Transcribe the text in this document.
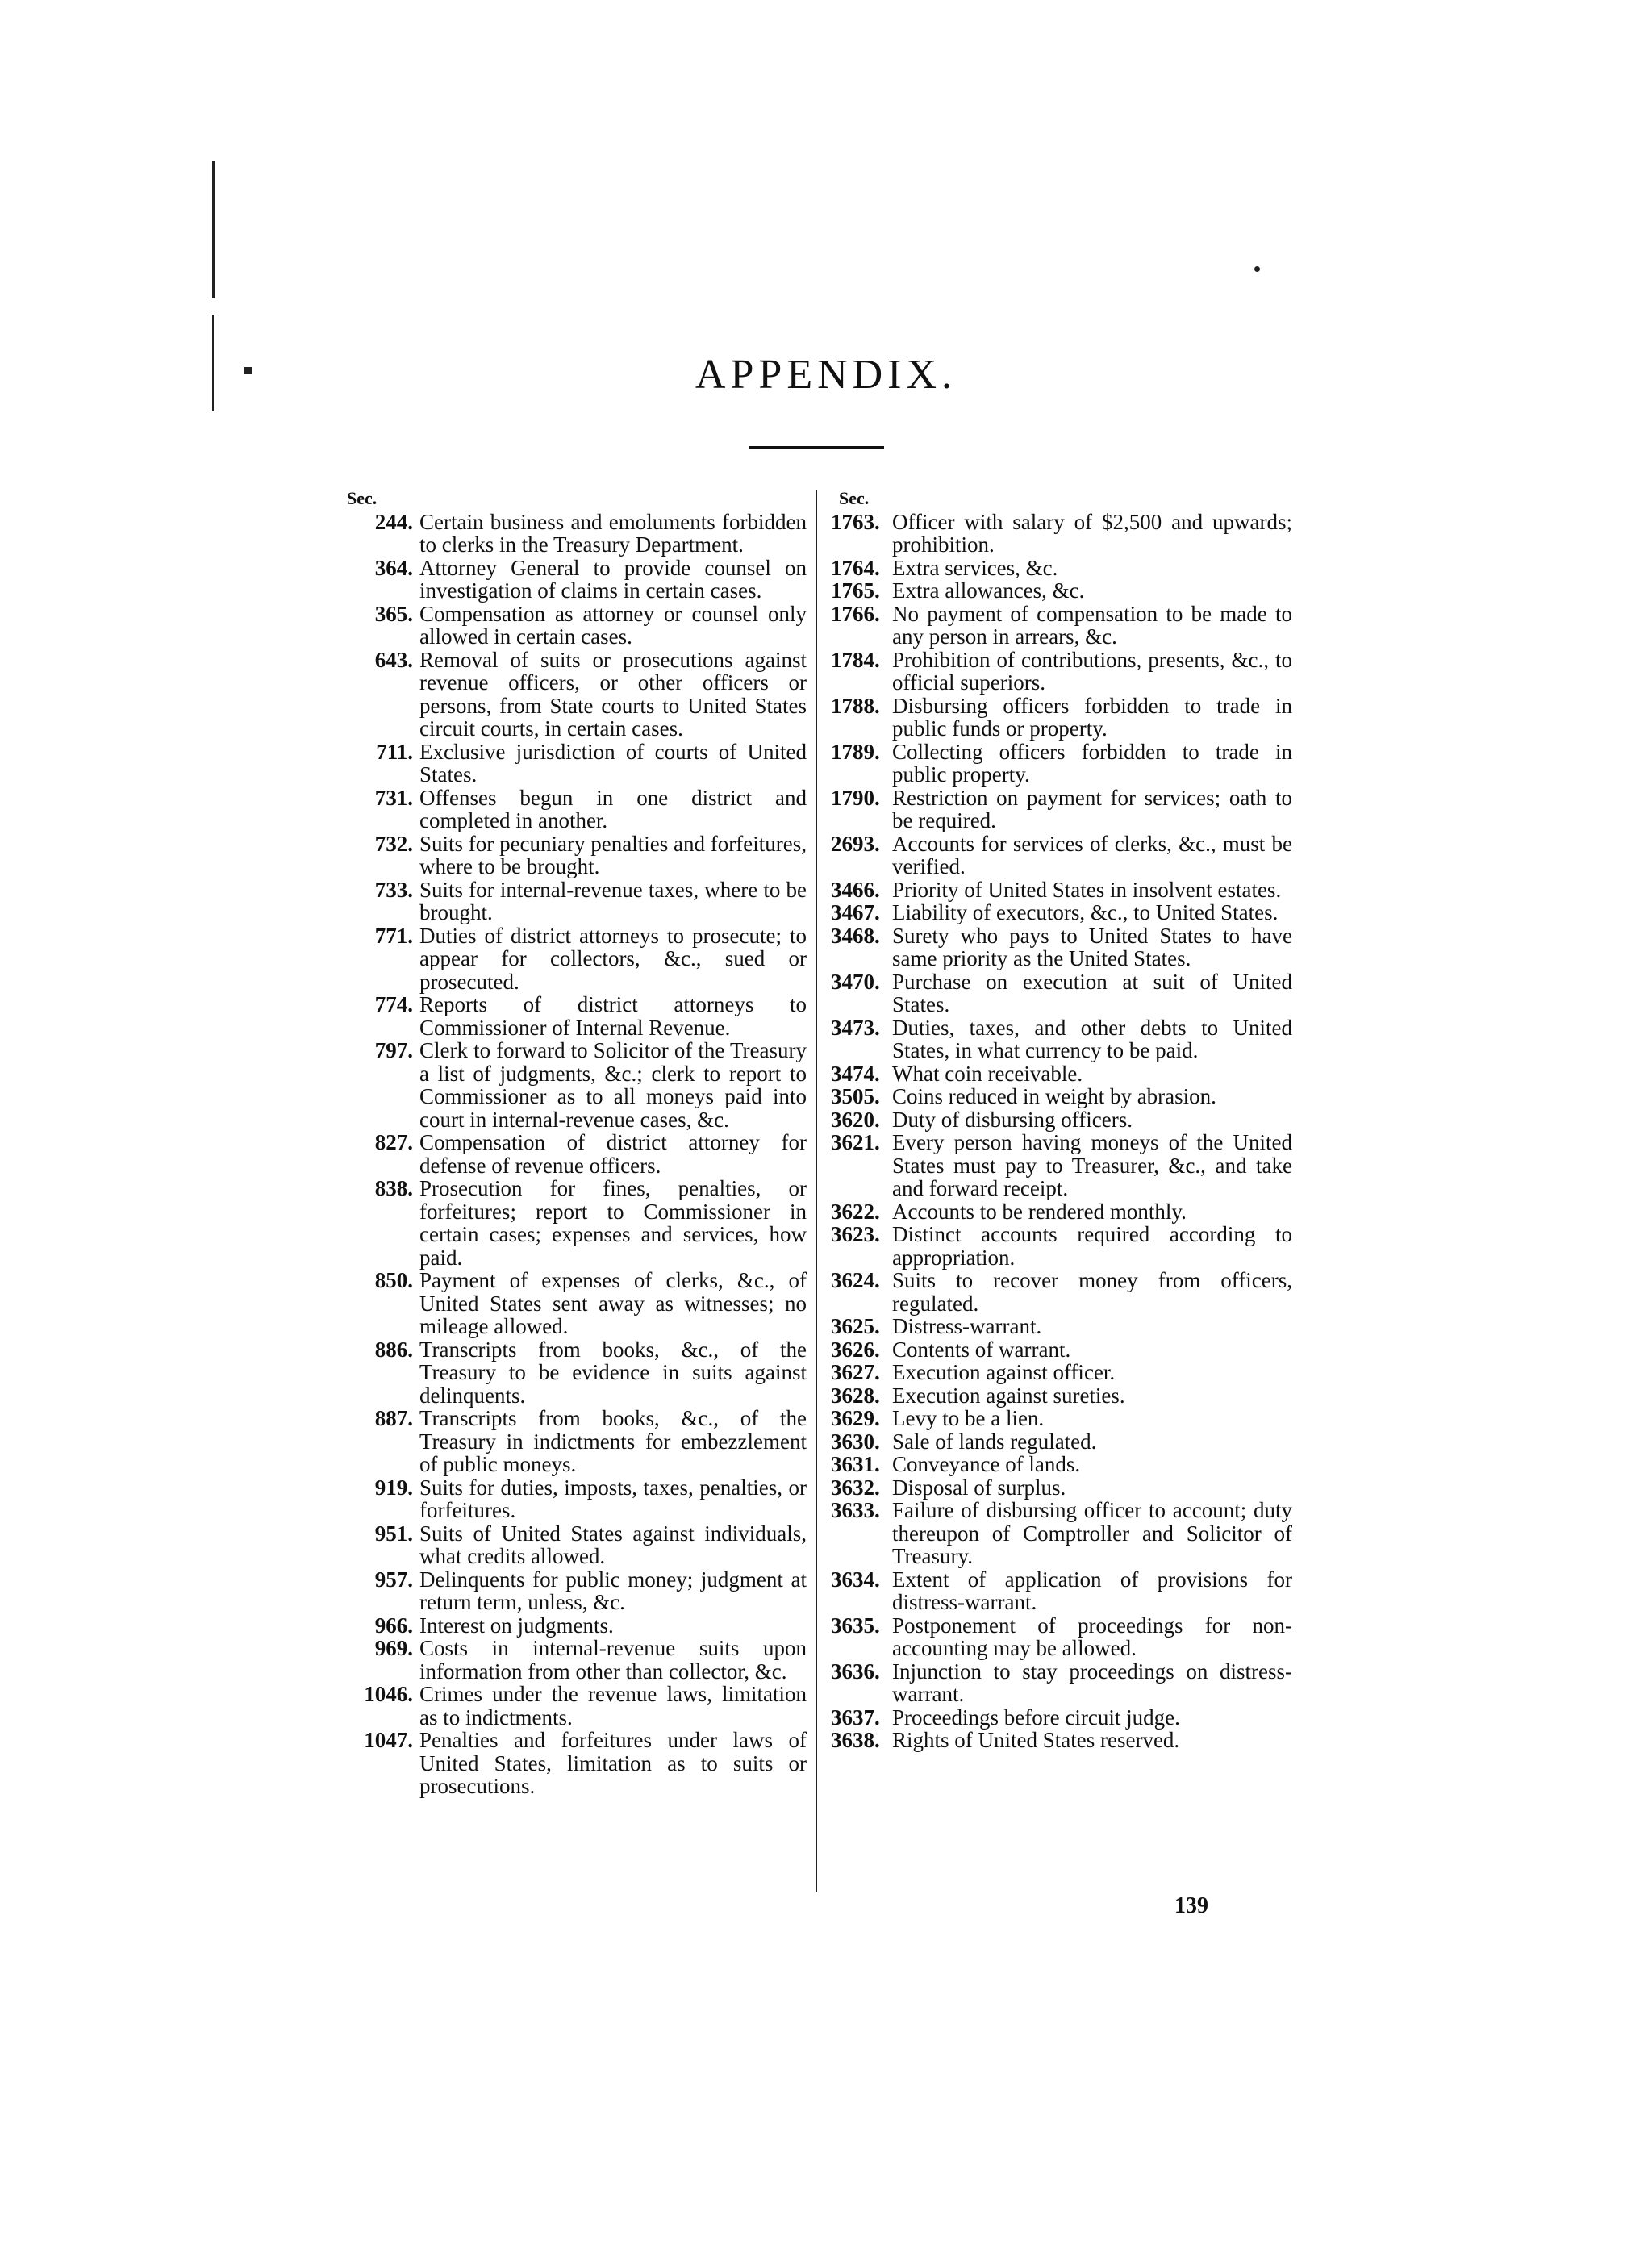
APPENDIX.
Sec.
244. Certain business and emoluments forbidden to clerks in the Treasury Department.
364. Attorney General to provide counsel on investigation of claims in certain cases.
365. Compensation as attorney or counsel only allowed in certain cases.
643. Removal of suits or prosecutions against revenue officers, or other officers or persons, from State courts to United States circuit courts, in certain cases.
711. Exclusive jurisdiction of courts of United States.
731. Offenses begun in one district and completed in another.
732. Suits for pecuniary penalties and forfeitures, where to be brought.
733. Suits for internal-revenue taxes, where to be brought.
771. Duties of district attorneys to prosecute; to appear for collectors, &c., sued or prosecuted.
774. Reports of district attorneys to Commissioner of Internal Revenue.
797. Clerk to forward to Solicitor of the Treasury a list of judgments, &c.; clerk to report to Commissioner as to all moneys paid into court in internal-revenue cases, &c.
827. Compensation of district attorney for defense of revenue officers.
838. Prosecution for fines, penalties, or forfeitures; report to Commissioner in certain cases; expenses and services, how paid.
850. Payment of expenses of clerks, &c., of United States sent away as witnesses; no mileage allowed.
886. Transcripts from books, &c., of the Treasury to be evidence in suits against delinquents.
887. Transcripts from books, &c., of the Treasury in indictments for embezzlement of public moneys.
919. Suits for duties, imposts, taxes, penalties, or forfeitures.
951. Suits of United States against individuals, what credits allowed.
957. Delinquents for public money; judgment at return term, unless, &c.
966. Interest on judgments.
969. Costs in internal-revenue suits upon information from other than collector, &c.
1046. Crimes under the revenue laws, limitation as to indictments.
1047. Penalties and forfeitures under laws of United States, limitation as to suits or prosecutions.
Sec.
1763. Officer with salary of $2,500 and upwards; prohibition.
1764. Extra services, &c.
1765. Extra allowances, &c.
1766. No payment of compensation to be made to any person in arrears, &c.
1784. Prohibition of contributions, presents, &c., to official superiors.
1788. Disbursing officers forbidden to trade in public funds or property.
1789. Collecting officers forbidden to trade in public property.
1790. Restriction on payment for services; oath to be required.
2693. Accounts for services of clerks, &c., must be verified.
3466. Priority of United States in insolvent estates.
3467. Liability of executors, &c., to United States.
3468. Surety who pays to United States to have same priority as the United States.
3470. Purchase on execution at suit of United States.
3473. Duties, taxes, and other debts to United States, in what currency to be paid.
3474. What coin receivable.
3505. Coins reduced in weight by abrasion.
3620. Duty of disbursing officers.
3621. Every person having moneys of the United States must pay to Treasurer, &c., and take and forward receipt.
3622. Accounts to be rendered monthly.
3623. Distinct accounts required according to appropriation.
3624. Suits to recover money from officers, regulated.
3625. Distress-warrant.
3626. Contents of warrant.
3627. Execution against officer.
3628. Execution against sureties.
3629. Levy to be a lien.
3630. Sale of lands regulated.
3631. Conveyance of lands.
3632. Disposal of surplus.
3633. Failure of disbursing officer to account; duty thereupon of Comptroller and Solicitor of Treasury.
3634. Extent of application of provisions for distress-warrant.
3635. Postponement of proceedings for non-accounting may be allowed.
3636. Injunction to stay proceedings on distress-warrant.
3637. Proceedings before circuit judge.
3638. Rights of United States reserved.
139
